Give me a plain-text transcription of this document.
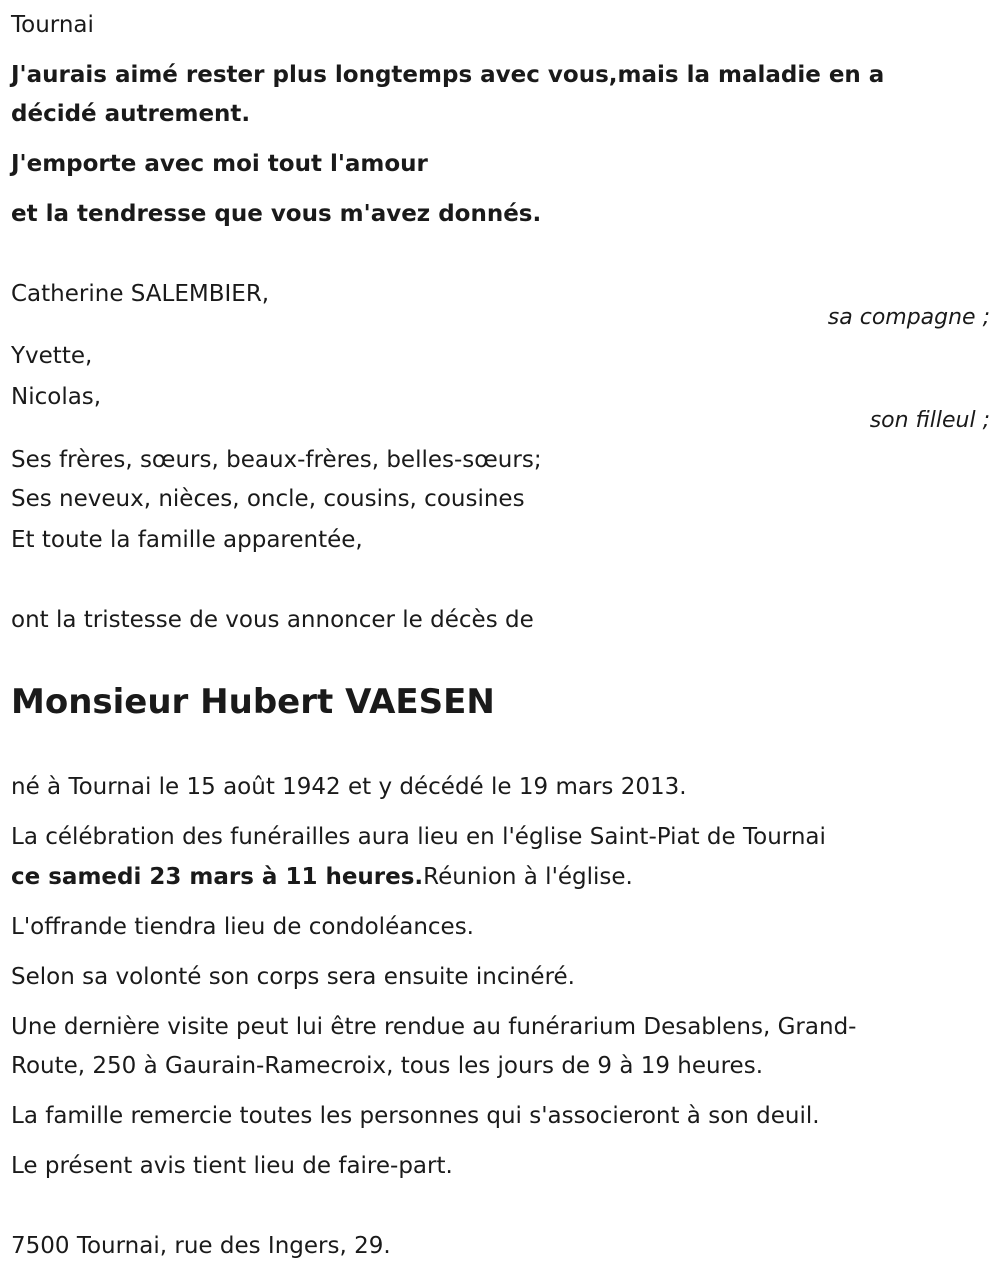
Tournai
J'aurais aimé rester plus longtemps avec vous,mais la maladie en a
décidé autrement.
J'emporte avec moi tout l'amour
et la tendresse que vous m'avez donnés.
Catherine SALEMBIER,
sa compagne ;
Yvette,
Nicolas,
son filleul ;
Ses frères, sœurs, beaux-frères, belles-sœurs;
Ses neveux, nièces, oncle, cousins, cousines
Et toute la famille apparentée,
ont la tristesse de vous annoncer le décès de
Monsieur Hubert VAESEN
né à Tournai le 15 août 1942 et y décédé le 19 mars 2013.
La célébration des funérailles aura lieu en l'église Saint-Piat de Tournai
ce samedi 23 mars à 11 heures.Réunion à l'église.
L'offrande tiendra lieu de condoléances.
Selon sa volonté son corps sera ensuite incinéré.
Une dernière visite peut lui être rendue au funérarium Desablens, Grand-
Route, 250 à Gaurain-Ramecroix, tous les jours de 9 à 19 heures.
La famille remercie toutes les personnes qui s'associeront à son deuil.
Le présent avis tient lieu de faire-part.
7500 Tournai, rue des Ingers, 29.
